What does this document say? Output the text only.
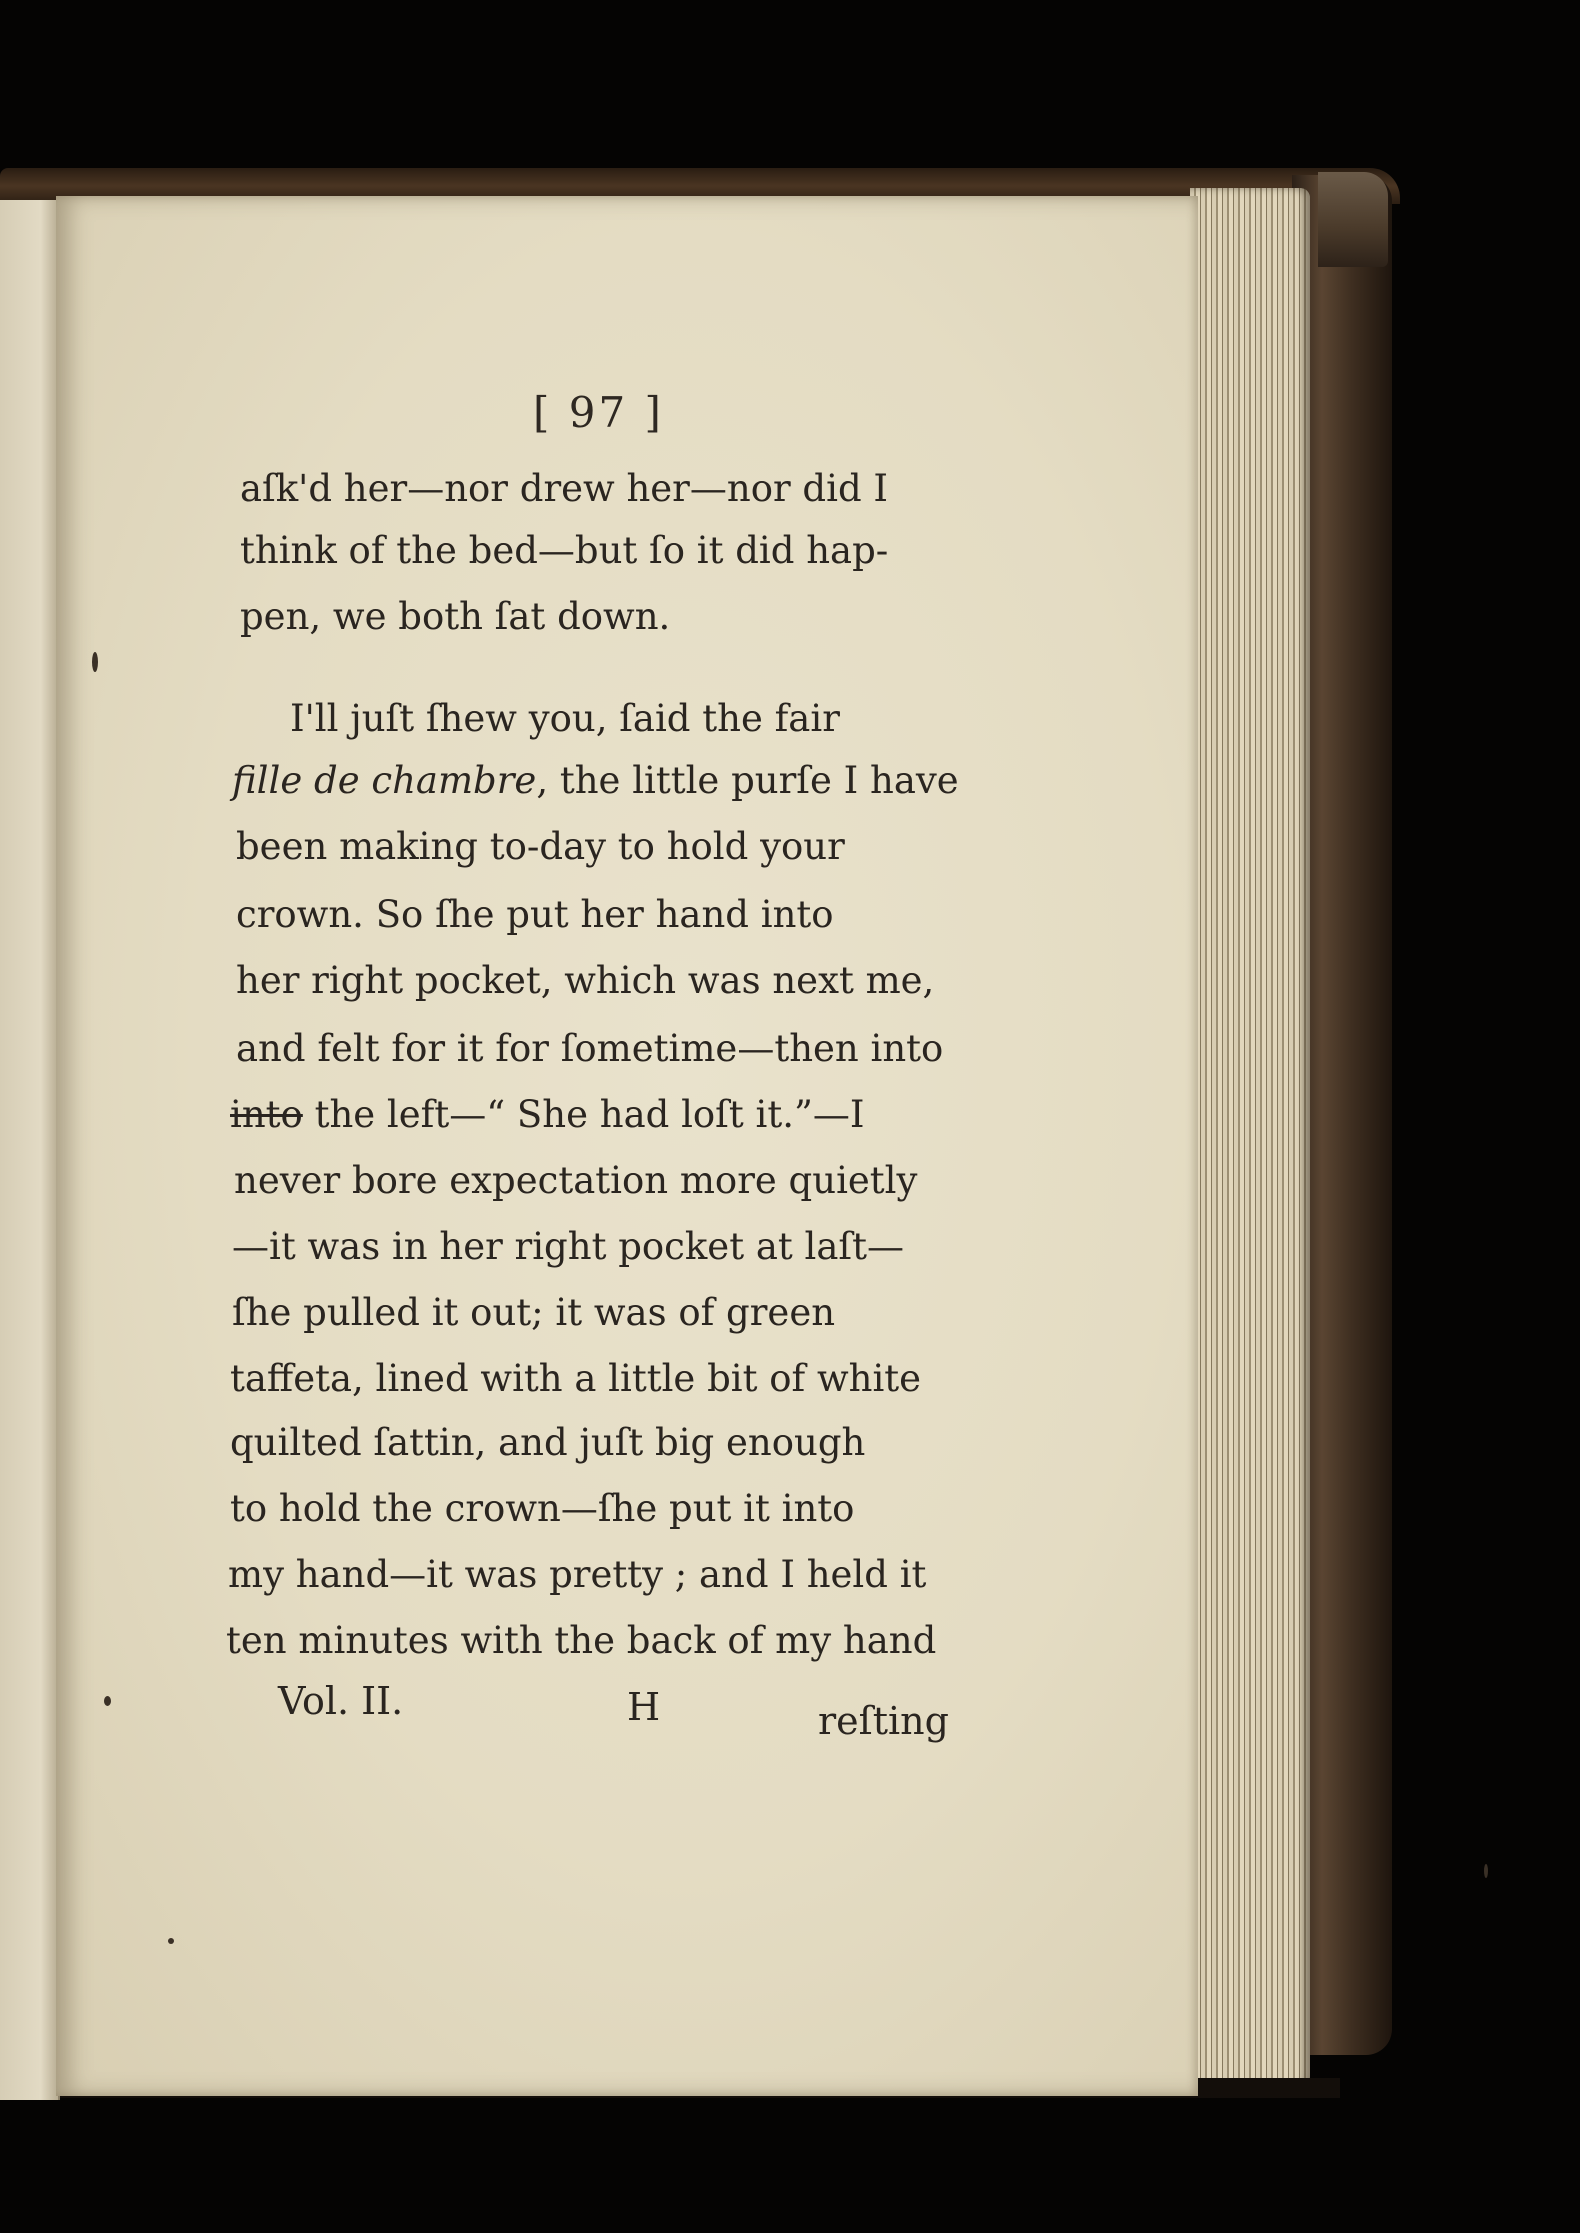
[ 97 ]
aſk'd her—nor drew her—nor did I
think of the bed—but ſo it did hap-
pen, we both ſat down.
I'll juſt ſhew you, ſaid the fair
fille de chambre, the little purſe I have
been making to-day to hold your
crown. So ſhe put her hand into
her right pocket, which was next me,
and felt for it for ſometime—then into
into the left—“ She had loſt it.”—I
never bore expectation more quietly
—it was in her right pocket at laſt—
ſhe pulled it out; it was of green
taffeta, lined with a little bit of white
quilted ſattin, and juſt big enough
to hold the crown—ſhe put it into
my hand—it was pretty ; and I held it
ten minutes with the back of my hand
Vol. II.	H	reſting
